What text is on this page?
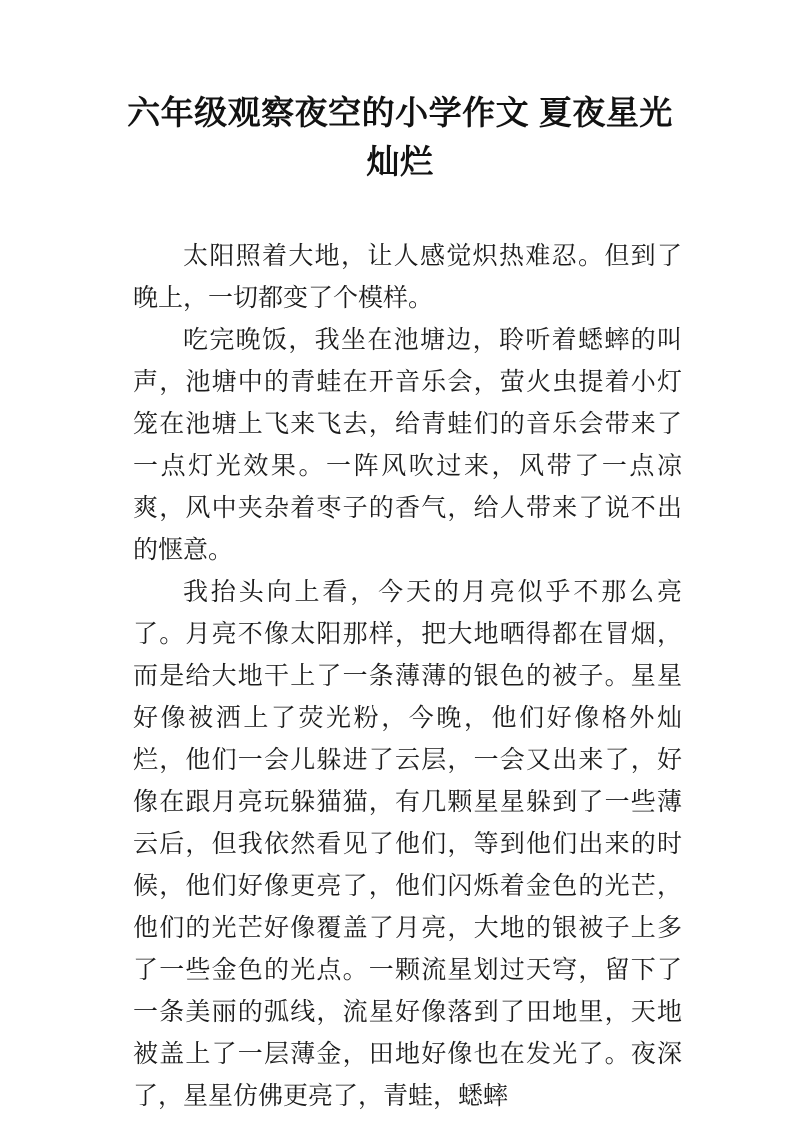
六年级观察夜空的小学作文 夏夜星光
灿烂

太阳照着大地，让人感觉炽热难忍。但到了晚上，一切都变了个模样。

吃完晚饭，我坐在池塘边，聆听着蟋蟀的叫声，池塘中的青蛙在开音乐会，萤火虫提着小灯笼在池塘上飞来飞去，给青蛙们的音乐会带来了一点灯光效果。一阵风吹过来，风带了一点凉爽，风中夹杂着枣子的香气，给人带来了说不出的惬意。

我抬头向上看，今天的月亮似乎不那么亮了。月亮不像太阳那样，把大地晒得都在冒烟，而是给大地干上了一条薄薄的银色的被子。星星好像被洒上了荧光粉，今晚，他们好像格外灿烂，他们一会儿躲进了云层，一会又出来了，好像在跟月亮玩躲猫猫，有几颗星星躲到了一些薄云后，但我依然看见了他们，等到他们出来的时候，他们好像更亮了，他们闪烁着金色的光芒，他们的光芒好像覆盖了月亮，大地的银被子上多了一些金色的光点。一颗流星划过天穹，留下了一条美丽的弧线，流星好像落到了田地里，天地被盖上了一层薄金，田地好像也在发光了。夜深了，星星仿佛更亮了，青蛙，蟋蟀
